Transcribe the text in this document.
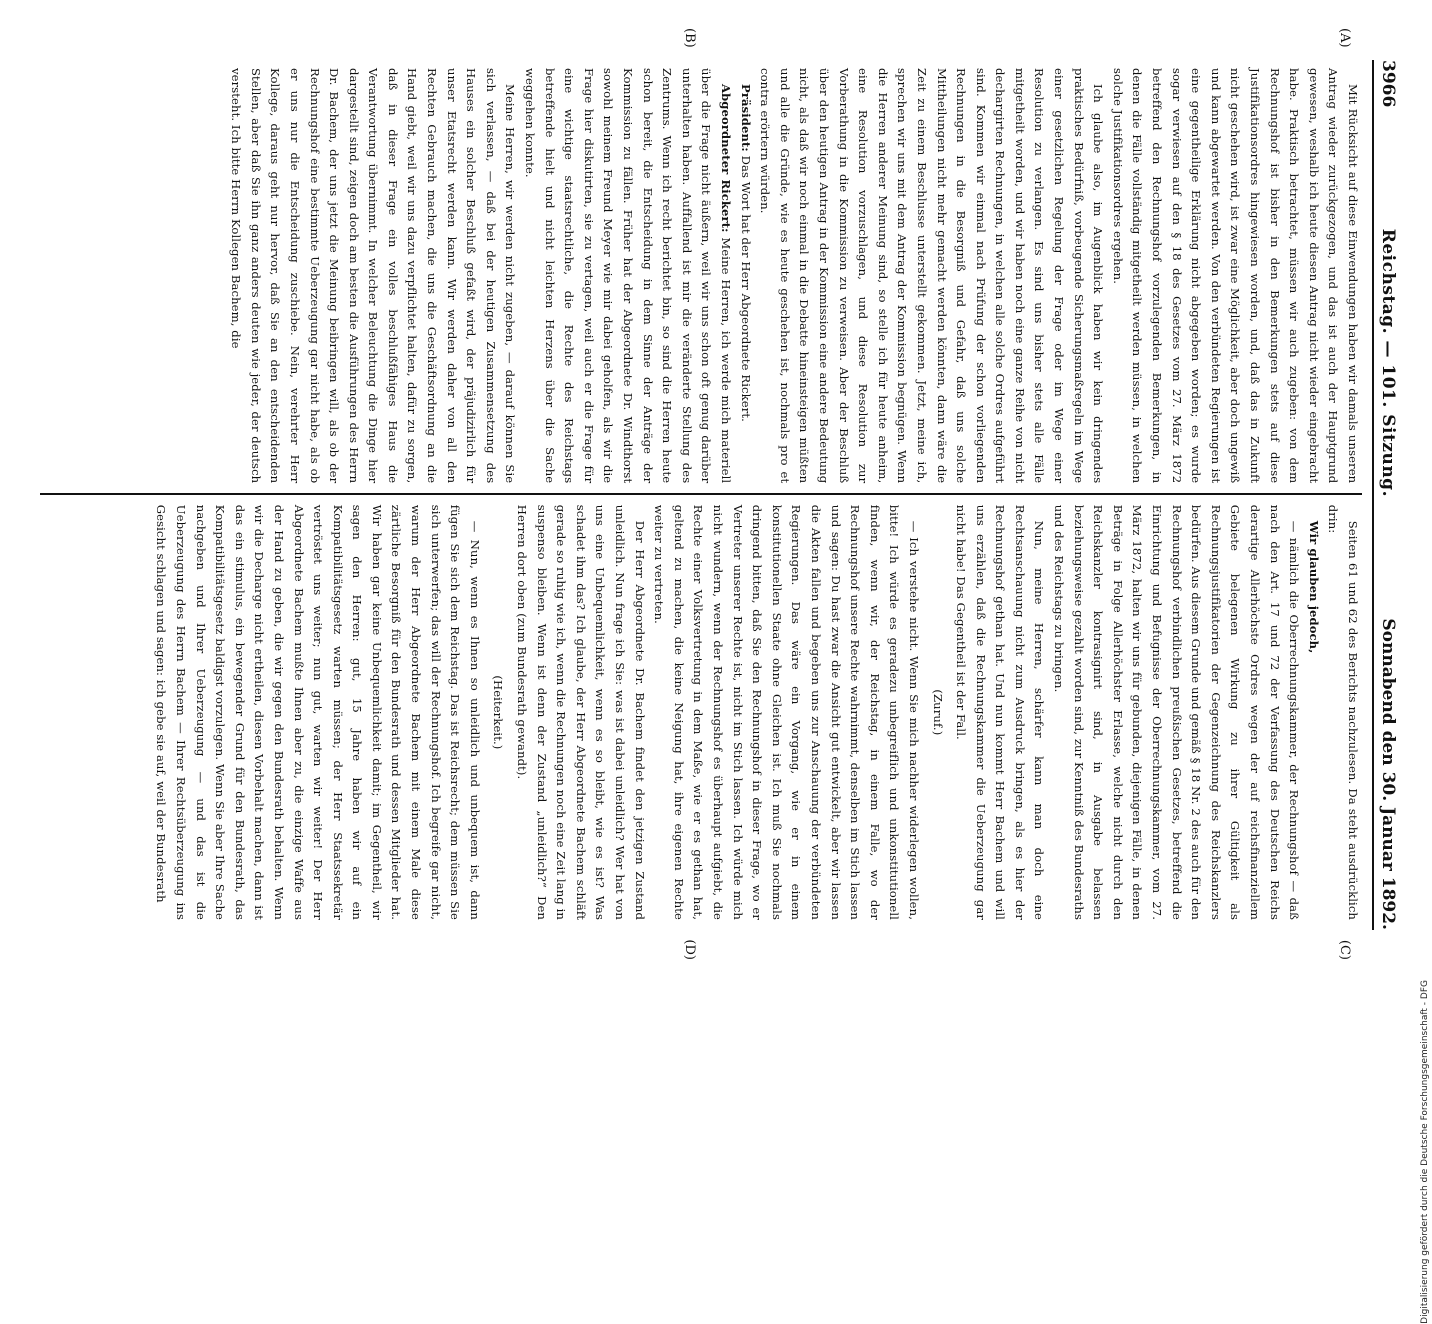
3966
Reichstag. — 101. Sitzung.
Sonnabend den 30. Januar 1892.
(A)
(B)
(C)
(D)

Mit Rücksicht auf diese Einwendungen haben wir damals unseren Antrag wieder zurückgezogen, und das ist auch der Hauptgrund gewesen, weshalb ich heute diesen Antrag nicht wieder eingebracht habe. Praktisch betrachtet, müssen wir auch zugeben: von dem Rechnungshof ist bisher in den Bemerkungen stets auf diese Justifikationsordres hingewiesen worden, und, daß das in Zukunft nicht geschehen wird, ist zwar eine Möglichkeit, aber doch ungewiß und kann abgewartet werden. Von den verbündeten Regierungen ist eine gegentheilige Erklärung nicht abgegeben worden; es wurde sogar verwiesen auf den § 18 des Gesetzes vom 27. März 1872 betreffend den Rechnungshof vorzulegenden Bemerkungen, in denen die Fälle vollständig mitgetheilt werden müssen, in welchen solche Justifikationsordres ergehen.

Ich glaube also, im Augenblick haben wir kein dringendes praktisches Bedürfniß, vorbeugende Sicherungsmaßregeln im Wege einer gesetzlichen Regelung der Frage oder im Wege einer Resolution zu verlangen. Es sind uns bisher stets alle Fälle mitgetheilt worden, und wir haben noch eine ganze Reihe von nicht dechargirten Rechnungen, in welchen alle solche Ordres aufgeführt sind. Kommen wir einmal nach Prüfung der schon vorliegenden Rechnungen in die Besorgniß und Gefahr, daß uns solche Mittheilungen nicht mehr gemacht werden könnten, dann wäre die Zeit zu einem Beschlusse unterstellt gekommen. Jetzt, meine ich, sprechen wir uns mit dem Antrag der Kommission begnügen. Wenn die Herren anderer Meinung sind, so stelle ich für heute anheim, eine Resolution vorzuschlagen, und diese Resolution zur Vorberathung in die Kommission zu verweisen. Aber der Beschluß über den heutigen Antrag in der Kommission eine andere Bedeutung nicht, als daß wir noch einmal in die Debatte hineinsteigen müßten und alle die Gründe, wie es heute geschehen ist, nochmals pro et contra erörtern würden.

Präsident: Das Wort hat der Herr Abgeordnete Rickert.

Abgeordneter Rickert: Meine Herren, ich werde mich materiell über die Frage nicht äußern, weil wir uns schon oft genug darüber unterhalten haben. Auffallend ist mir die veränderte Stellung des Zentrums. Wenn ich recht berichtet bin, so sind die Herren heute schon bereit, die Entscheidung in dem Sinne der Anträge der Kommission zu fällen. Früher hat der Abgeordnete Dr. Windthorst sowohl meinem Freund Meyer wie mir dabei geholfen, als wir die Frage hier diskutirten, sie zu vertagen, weil auch er die Frage für eine wichtige staatsrechtliche, die Rechte des Reichstags betreffende hielt und nicht leichten Herzens über die Sache weggehen konnte.

Meine Herren, wir werden nicht zugeben, — darauf können Sie sich verlassen, — daß bei der heutigen Zusammensetzung des Hauses ein solcher Beschluß gefaßt wird, der präjudizirlich für unser Etatsrecht werden kann. Wir werden daher von all den Rechten Gebrauch machen, die uns die Geschäftsordnung an die Hand giebt, weil wir uns dazu verpflichtet halten, dafür zu sorgen, daß in dieser Frage ein volles beschlußfähiges Haus die Verantwortung übernimmt. In welcher Beleuchtung die Dinge hier dargestellt sind, zeigen doch am besten die Ausführungen des Herrn Dr. Bachem, der uns jetzt die Meinung beibringen will, als ob der Rechnungshof eine bestimmte Ueberzeugung gar nicht habe, als ob er uns nur die Entscheidung zuschiebe. Nein, verehrter Herr Kollege, daraus geht nur hervor, daß Sie an den entscheidenden Stellen, aber daß Sie ihn ganz anders deuten wie jeder, der deutsch versteht. Ich bitte Herrn Kollegen Bachem, die

Seiten 61 und 62 des Berichts nachzulesen. Da steht ausdrücklich drin:

Wir glauben jedoch,

— nämlich die Oberrechnungskammer, der Rechnungshof — daß nach den Art. 17 und 72 der Verfassung des Deutschen Reichs derartige Allerhöchste Ordres wegen der auf reichsfinanziellem Gebiete belegenen Wirkung zu ihrer Gültigkeit als Rechnungsjustifikatorien der Gegenzeichnung des Reichskanzlers bedürfen. Aus diesem Grunde und gemäß § 18 Nr. 2 des auch für den Rechnungshof verbindlichen preußischen Gesetzes, betreffend die Einrichtung und Befugnisse der Oberrechnungskammer, vom 27. März 1872, halten wir uns für gebunden, diejenigen Fälle, in denen Beträge in Folge Allerhöchster Erlasse, welche nicht durch den Reichskanzler kontrasignirt sind, in Ausgabe belassen beziehungsweise gezahlt worden sind, zur Kenntniß des Bundesraths und des Reichstags zu bringen.

Nun, meine Herren, schärfer kann man doch eine Rechtsanschauung nicht zum Ausdruck bringen, als es hier der Rechnungshof gethan hat. Und nun kommt Herr Bachem und will uns erzählen, daß die Rechnungskammer die Ueberzeugung gar nicht habe! Das Gegentheil ist der Fall.

(Zuruf.)

— Ich verstehe nicht. Wenn Sie mich nachher widerlegen wollen, bitte! Ich würde es geradezu unbegreiflich und unkonstitutionell finden, wenn wir, der Reichstag, in einem Falle, wo der Rechnungshof unsere Rechte wahrnimmt, denselben im Stich lassen und sagen: Du hast zwar die Ansicht gut entwickelt, aber wir lassen die Akten fallen und begeben uns zur Anschauung der verbündeten Regierungen. Das wäre ein Vorgang, wie er in einem konstitutionellen Staate ohne Gleichen ist. Ich muß Sie nochmals dringend bitten, daß Sie den Rechnungshof in dieser Frage, wo er Vertreter unserer Rechte ist, nicht im Stich lassen. Ich würde mich nicht wundern, wenn der Rechnungshof es überhaupt aufgiebt, die Rechte einer Volksvertretung in dem Maße, wie er es gethan hat, geltend zu machen, die keine Neigung hat, ihre eigenen Rechte weiter zu vertreten.

Der Herr Abgeordnete Dr. Bachem findet den jetzigen Zustand unleidlich. Nun frage ich Sie: was ist dabei unleidlich? Wer hat von uns eine Unbequemlichkeit, wenn es so bleibt, wie es ist? Was schadet ihm das? Ich glaube, der Herr Abgeordnete Bachem schläft gerade so ruhig wie ich, wenn die Rechnungen noch eine Zeit lang in suspenso bleiben. Wenn ist denn der Zustand „unleidlich?“ Den Herren dort oben (zum Bundesrath gewandt).

(Heiterkeit.)

— Nun, wenn es Ihnen so unleidlich und unbequem ist, dann fügen Sie sich dem Reichstag. Das ist Reichsrecht; dem müssen Sie sich unterwerfen; das will der Rechnungshof. Ich begreife gar nicht, warum der Herr Abgeordnete Bachem mit einem Male diese zärtliche Besorgniß für den Bundesrath und dessen Mitglieder hat. Wir haben gar keine Unbequemlichkeit damit; im Gegentheil, wir sagen den Herren: gut, 15 Jahre haben wir auf ein Kompatibilitätsgesetz warten müssen; der Herr Staatssekretär vertröstet uns weiter; nun gut, warten wir weiter! Der Herr Abgeordnete Bachem mußte Ihnen aber zu, die einzige Waffe aus der Hand zu geben, die wir gegen den Bundesrath behalten. Wenn wir die Decharge nicht ertheilen, diesen Vorbehalt machen, dann ist das ein stimulus, ein bewegender Grund für den Bundesrath, das Kompatibilitätsgesetz baldigst vorzulegen. Wenn Sie aber Ihre Sache nachgeben und Ihrer Ueberzeugung — und das ist die Ueberzeugung des Herrn Bachem — Ihrer Rechtsüberzeugung ins Gesicht schlagen und sagen: ich gebe sie auf, weil der Bundesrath

Digitalisierung gefördert durch die Deutsche Forschungsgemeinschaft - DFG
